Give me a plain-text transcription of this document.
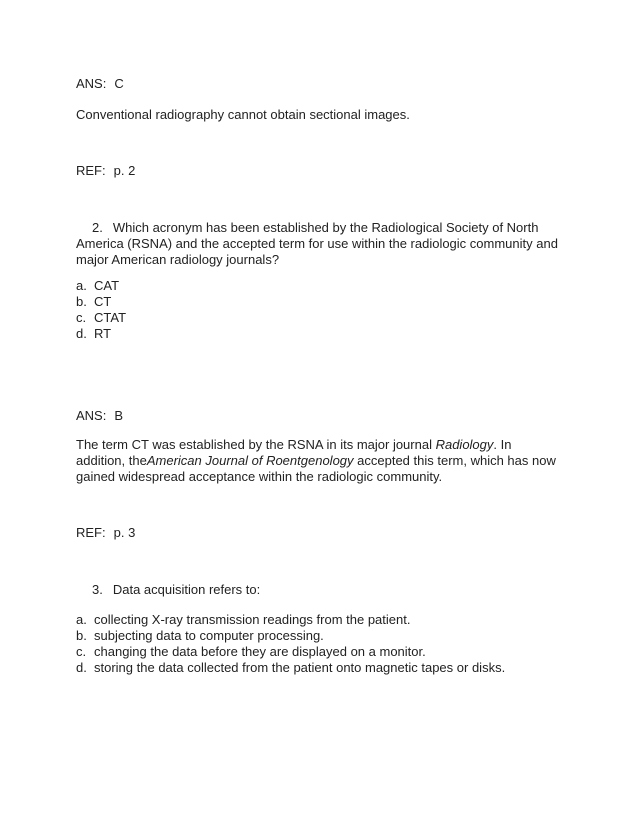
ANS: C

Conventional radiography cannot obtain sectional images.

REF: p. 2

2. Which acronym has been established by the Radiological Society of North America (RSNA) and the accepted term for use within the radiologic community and major American radiology journals?

a. CAT
b. CT
c. CTAT
d. RT

ANS: B

The term CT was established by the RSNA in its major journal Radiology. In addition, theAmerican Journal of Roentgenology accepted this term, which has now gained widespread acceptance within the radiologic community.

REF: p. 3

3. Data acquisition refers to:

a. collecting X-ray transmission readings from the patient.
b. subjecting data to computer processing.
c. changing the data before they are displayed on a monitor.
d. storing the data collected from the patient onto magnetic tapes or disks.
